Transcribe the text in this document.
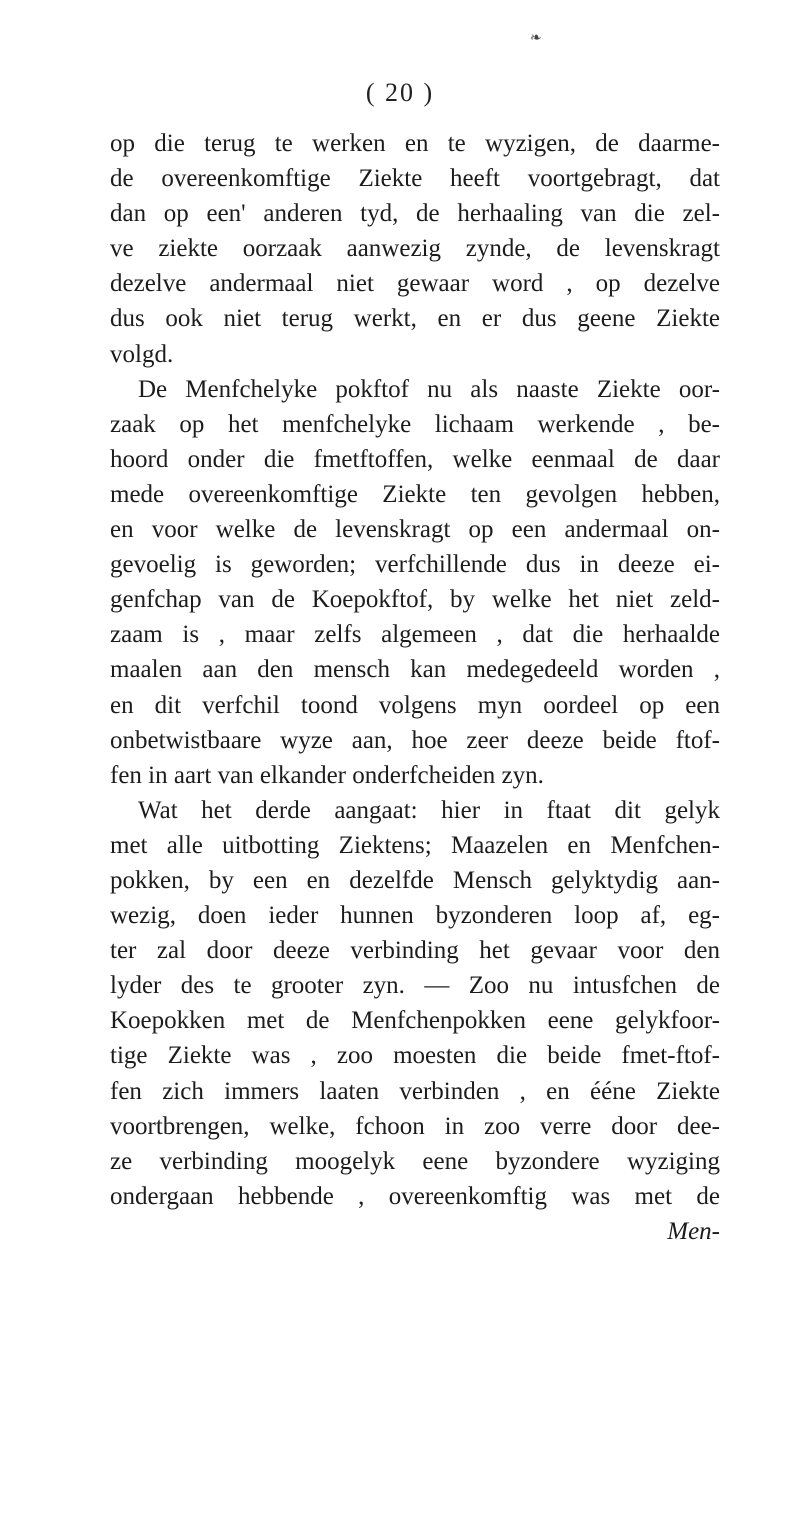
❧
( 20 )
op die terug te werken en te wyzigen, de daarme-
de overeenkomftige Ziekte heeft voortgebragt, dat
dan op een' anderen tyd, de herhaaling van die zel-
ve ziekte oorzaak aanwezig zynde, de levenskragt
dezelve andermaal niet gewaar word , op dezelve
dus ook niet terug werkt, en er dus geene Ziekte
volgd.
De Menfchelyke pokftof nu als naaste Ziekte oor-
zaak op het menfchelyke lichaam werkende , be-
hoord onder die fmetftoffen, welke eenmaal de daar
mede overeenkomftige Ziekte ten gevolgen hebben,
en voor welke de levenskragt op een andermaal on-
gevoelig is geworden; verfchillende dus in deeze ei-
genfchap van de Koepokftof, by welke het niet zeld-
zaam is , maar zelfs algemeen , dat die herhaalde
maalen aan den mensch kan medegedeeld worden ,
en dit verfchil toond volgens myn oordeel op een
onbetwistbaare wyze aan, hoe zeer deeze beide ftof-
fen in aart van elkander onderfcheiden zyn.
Wat het derde aangaat: hier in ftaat dit gelyk
met alle uitbotting Ziektens; Maazelen en Menfchen-
pokken, by een en dezelfde Mensch gelyktydig aan-
wezig, doen ieder hunnen byzonderen loop af, eg-
ter zal door deeze verbinding het gevaar voor den
lyder des te grooter zyn. — Zoo nu intusfchen de
Koepokken met de Menfchenpokken eene gelykfoor-
tige Ziekte was , zoo moesten die beide fmet-ftof-
fen zich immers laaten verbinden , en éénе Ziekte
voortbrengen, welke, fchoon in zoo verre door dee-
ze verbinding moogelyk eene byzondere wyziging
ondergaan hebbende , overeenkomftig was met de
Men-
